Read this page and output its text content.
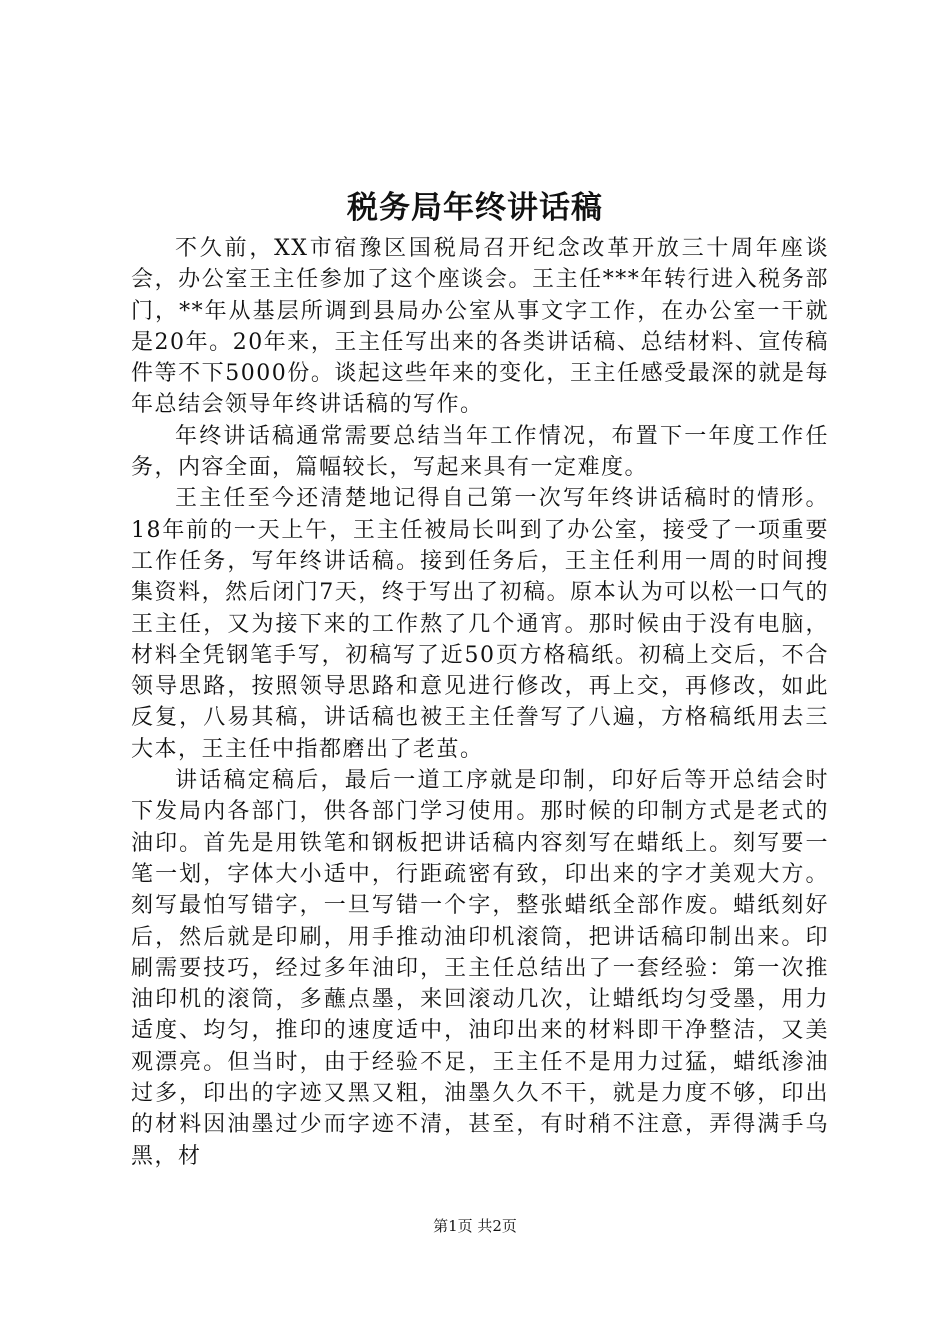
税务局年终讲话稿

不久前，XX市宿豫区国税局召开纪念改革开放三十周年座谈会，办公室王主任参加了这个座谈会。王主任***年转行进入税务部门，**年从基层所调到县局办公室从事文字工作，在办公室一干就是20年。20年来，王主任写出来的各类讲话稿、总结材料、宣传稿件等不下5000份。谈起这些年来的变化，王主任感受最深的就是每年总结会领导年终讲话稿的写作。

年终讲话稿通常需要总结当年工作情况，布置下一年度工作任务，内容全面，篇幅较长，写起来具有一定难度。

王主任至今还清楚地记得自己第一次写年终讲话稿时的情形。18年前的一天上午，王主任被局长叫到了办公室，接受了一项重要工作任务，写年终讲话稿。接到任务后，王主任利用一周的时间搜集资料，然后闭门7天，终于写出了初稿。原本认为可以松一口气的王主任，又为接下来的工作熬了几个通宵。那时候由于没有电脑，材料全凭钢笔手写，初稿写了近50页方格稿纸。初稿上交后，不合领导思路，按照领导思路和意见进行修改，再上交，再修改，如此反复，八易其稿，讲话稿也被王主任誊写了八遍，方格稿纸用去三大本，王主任中指都磨出了老茧。

讲话稿定稿后，最后一道工序就是印制，印好后等开总结会时下发局内各部门，供各部门学习使用。那时候的印制方式是老式的油印。首先是用铁笔和钢板把讲话稿内容刻写在蜡纸上。刻写要一笔一划，字体大小适中，行距疏密有致，印出来的字才美观大方。刻写最怕写错字，一旦写错一个字，整张蜡纸全部作废。蜡纸刻好后，然后就是印刷，用手推动油印机滚筒，把讲话稿印制出来。印刷需要技巧，经过多年油印，王主任总结出了一套经验：第一次推油印机的滚筒，多蘸点墨，来回滚动几次，让蜡纸均匀受墨，用力适度、均匀，推印的速度适中，油印出来的材料即干净整洁，又美观漂亮。但当时，由于经验不足，王主任不是用力过猛，蜡纸渗油过多，印出的字迹又黑又粗，油墨久久不干，就是力度不够，印出的材料因油墨过少而字迹不清，甚至，有时稍不注意，弄得满手乌黑，材

第1页 共2页
